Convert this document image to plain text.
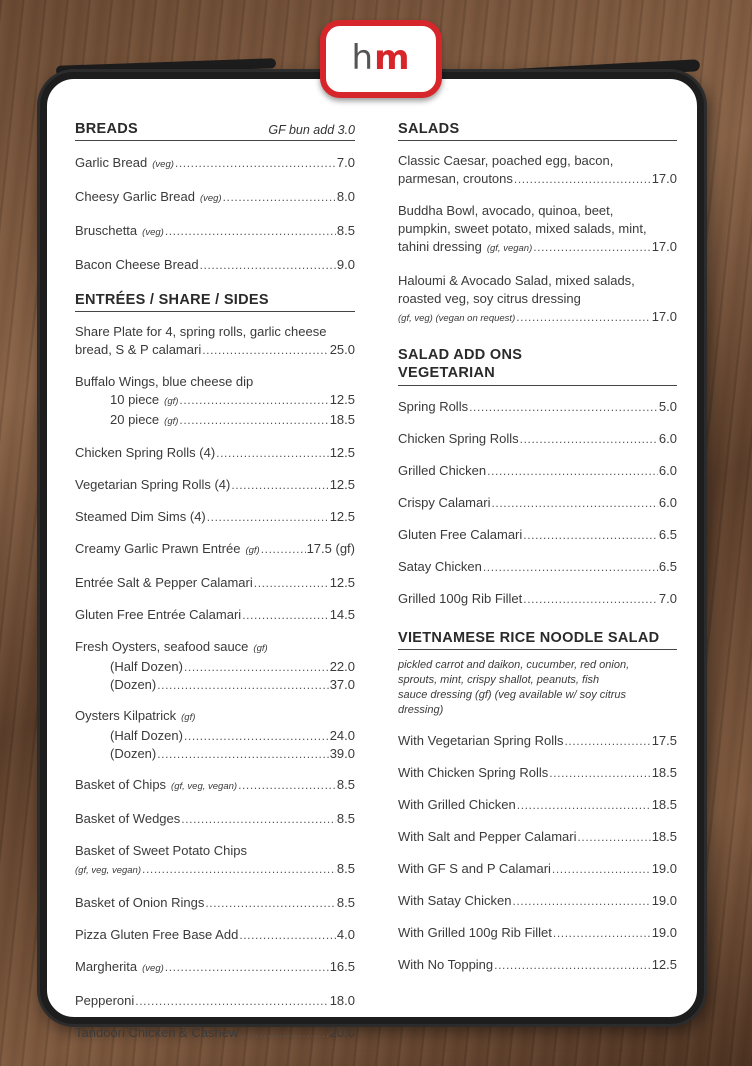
hm
BREADS	GF bun add 3.0
Garlic Bread (veg) .....	7.0
Cheesy Garlic Bread (veg) .....	8.0
Bruschetta (veg) .....	8.5
Bacon Cheese Bread .....	9.0
ENTRÉES / SHARE / SIDES
Share Plate for 4, spring rolls, garlic cheese
bread, S & P calamari .....	25.0
Buffalo Wings, blue cheese dip
10 piece (gf) .....	12.5
20 piece (gf) .....	18.5
Chicken Spring Rolls (4) .....	12.5
Vegetarian Spring Rolls (4) .....	12.5
Steamed Dim Sims (4) .....	12.5
Creamy Garlic Prawn Entrée (gf) .....	17.5 (gf)
Entrée Salt & Pepper Calamari .....	12.5
Gluten Free Entrée Calamari .....	14.5
Fresh Oysters, seafood sauce (gf)
(Half Dozen) .....	22.0
(Dozen) .....	37.0
Oysters Kilpatrick (gf)
(Half Dozen) .....	24.0
(Dozen) .....	39.0
Basket of Chips (gf, veg, vegan) .....	8.5
Basket of Wedges .....	8.5
Basket of Sweet Potato Chips
(gf, veg, vegan) .....	8.5
Basket of Onion Rings .....	8.5
Pizza Gluten Free Base Add .....	4.0
Margherita (veg) .....	16.5
Pepperoni .....	18.0
Tandoori Chicken & Cashew .....	20.0
SALADS
Classic Caesar, poached egg, bacon,
parmesan, croutons .....	17.0
Buddha Bowl, avocado, quinoa, beet,
pumpkin, sweet potato, mixed salads, mint,
tahini dressing (gf, vegan) .....	17.0
Haloumi & Avocado Salad, mixed salads,
roasted veg, soy citrus dressing
(gf, veg) (vegan on request) .....	17.0
SALAD ADD ONS
VEGETARIAN
Spring Rolls .....	5.0
Chicken Spring Rolls .....	6.0
Grilled Chicken .....	6.0
Crispy Calamari .....	6.0
Gluten Free Calamari .....	6.5
Satay Chicken .....	6.5
Grilled 100g Rib Fillet .....	7.0
VIETNAMESE RICE NOODLE SALAD
pickled carrot and daikon, cucumber, red onion,
sprouts, mint, crispy shallot, peanuts, fish
sauce dressing (gf) (veg available w/ soy citrus
dressing)
With Vegetarian Spring Rolls .....	17.5
With Chicken Spring Rolls .....	18.5
With Grilled Chicken .....	18.5
With Salt and Pepper Calamari .....	18.5
With GF S and P Calamari .....	19.0
With Satay Chicken .....	19.0
With Grilled 100g Rib Fillet .....	19.0
With No Topping .....	12.5
